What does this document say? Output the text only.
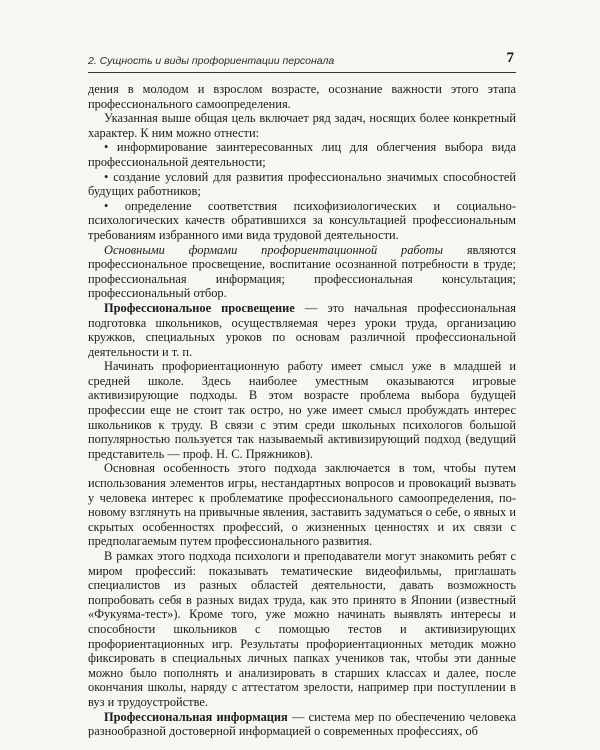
2. Сущность и виды профориентации персонала	7

дения в молодом и взрослом возрасте, осознание важности этого этапа профессионального самоопределения.

Указанная выше общая цель включает ряд задач, носящих более конкретный характер. К ним можно отнести:

• информирование заинтересованных лиц для облегчения выбора вида профессиональной деятельности;

• создание условий для развития профессионально значимых способностей будущих работников;

• определение соответствия психофизиологических и социально-психологических качеств обратившихся за консультацией профессиональным требованиям избранного ими вида трудовой деятельности.

Основными формами профориентационной работы являются профессиональное просвещение, воспитание осознанной потребности в труде; профессиональная информация; профессиональная консультация; профессиональный отбор.

Профессиональное просвещение — это начальная профессиональная подготовка школьников, осуществляемая через уроки труда, организацию кружков, специальных уроков по основам различной профессиональной деятельности и т. п.

Начинать профориентационную работу имеет смысл уже в младшей и средней школе. Здесь наиболее уместным оказываются игровые активизирующие подходы. В этом возрасте проблема выбора будущей профессии еще не стоит так остро, но уже имеет смысл пробуждать интерес школьников к труду. В связи с этим среди школьных психологов большой популярностью пользуется так называемый активизирующий подход (ведущий представитель — проф. Н. С. Пряжников).

Основная особенность этого подхода заключается в том, чтобы путем использования элементов игры, нестандартных вопросов и провокаций вызвать у человека интерес к проблематике профессионального самоопределения, по-новому взглянуть на привычные явления, заставить задуматься о себе, о явных и скрытых особенностях профессий, о жизненных ценностях и их связи с предполагаемым путем профессионального развития.

В рамках этого подхода психологи и преподаватели могут знакомить ребят с миром профессий: показывать тематические видеофильмы, приглашать специалистов из разных областей деятельности, давать возможность попробовать себя в разных видах труда, как это принято в Японии (известный «Фукуяма-тест»). Кроме того, уже можно начинать выявлять интересы и способности школьников с помощью тестов и активизирующих профориентационных игр. Результаты профориентационных методик можно фиксировать в специальных личных папках учеников так, чтобы эти данные можно было пополнять и анализировать в старших классах и далее, после окончания школы, наряду с аттестатом зрелости, например при поступлении в вуз и трудоустройстве.

Профессиональная информация — система мер по обеспечению человека разнообразной достоверной информацией о современных профессиях, об
